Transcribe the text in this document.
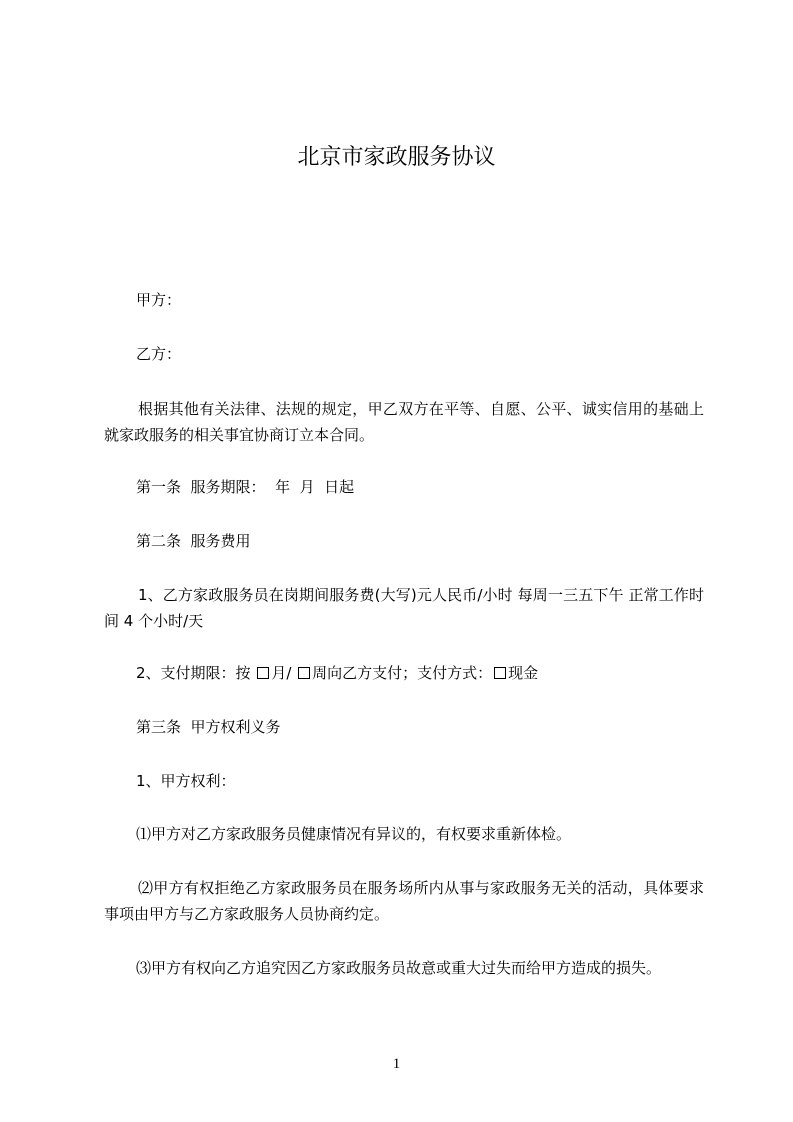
北京市家政服务协议
甲方：
乙方：
根据其他有关法律、法规的规定，甲乙双方在平等、自愿、公平、诚实信用的基础上就家政服务的相关事宜协商订立本合同。
第一条  服务期限：  年  月  日起
第二条  服务费用
1、乙方家政服务员在岗期间服务费(大写)元人民币/小时 每周一三五下午 正常工作时间 4 个小时/天
2、支付期限：按 月/ 周向乙方支付；支付方式： 现金
第三条  甲方权利义务
1、甲方权利：
⑴甲方对乙方家政服务员健康情况有异议的，有权要求重新体检。
⑵甲方有权拒绝乙方家政服务员在服务场所内从事与家政服务无关的活动，具体要求事项由甲方与乙方家政服务人员协商约定。
⑶甲方有权向乙方追究因乙方家政服务员故意或重大过失而给甲方造成的损失。
1
